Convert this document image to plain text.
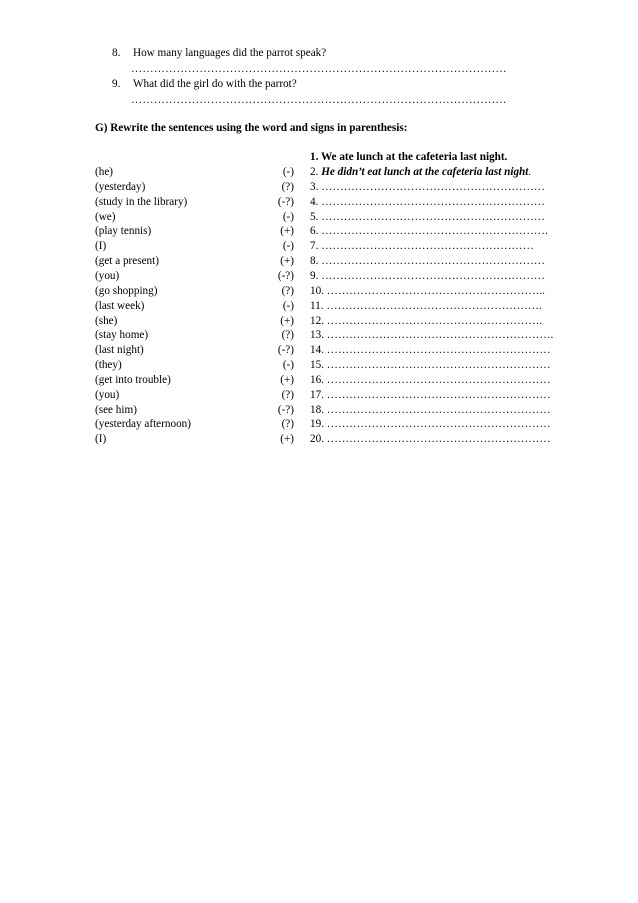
8. How many languages did the parrot speak?
………………………………………………………………………………………
9. What did the girl do with the parrot?
………………………………………………………………………………………
G) Rewrite the sentences using the word and signs in parenthesis:
1. We ate lunch at the cafeteria last night.
(he)	(-) 2. He didn’t eat lunch at the cafeteria last night.
(yesterday)	(?) 3. ……………………………………………………
(study in the library)	(-?) 4. ……………………………………………………
(we)	(-) 5. ……………………………………………………
(play tennis)	(+) 6. …………………………………………………….
(I)	(-) 7. …………………………………………………
(get a present)	(+) 8. ……………………………………………………
(you)	(-?) 9. ……………………………………………………
(go shopping)	(?) 10. …………………………………………………..
(last week)	(-) 11. ………………………………………………….
(she)	(+) 12. ………………………………………………….
(stay home)	(?) 13. …………………………………………………….
(last night)	(-?) 14. ……………………………………………………
(they)	(-) 15. ……………………………………………………
(get into trouble)	(+) 16. ……………………………………………………
(you)	(?) 17. ……………………………………………………
(see him)	(-?) 18. ……………………………………………………
(yesterday afternoon)	(?) 19. ……………………………………………………
(I)	(+) 20. ……………………………………………………
